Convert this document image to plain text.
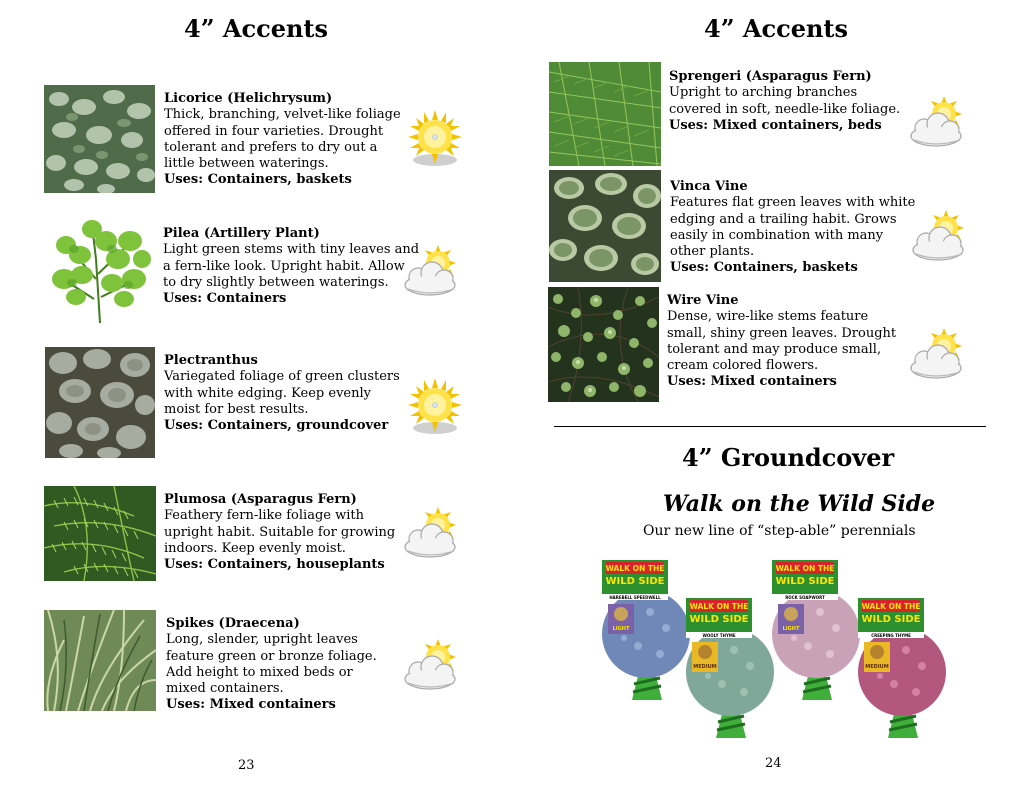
4” Accents
Licorice (Helichrysum)
Thick, branching, velvet-like foliage
offered in four varieties. Drought
tolerant and prefers to dry out a
little between waterings.
Uses: Containers, baskets
Pilea (Artillery Plant)
Light green stems with tiny leaves and
a fern-like look. Upright habit. Allow
to dry slightly between waterings.
Uses: Containers
Plectranthus
Variegated foliage of green clusters
with white edging. Keep evenly
moist for best results.
Uses: Containers, groundcover
Plumosa (Asparagus Fern)
Feathery fern-like foliage with
upright habit. Suitable for growing
indoors. Keep evenly moist.
Uses: Containers, houseplants
Spikes (Draecena)
Long, slender, upright leaves
feature green or bronze foliage.
Add height to mixed beds or
mixed containers.
Uses: Mixed containers
23
4” Accents
Sprengeri (Asparagus Fern)
Upright to arching branches
covered in soft, needle-like foliage.
Uses: Mixed containers, beds
Vinca Vine
Features flat green leaves with white
edging and a trailing habit. Grows
easily in combination with many
other plants.
Uses: Containers, baskets
Wire Vine
Dense, wire-like stems feature
small, shiny green leaves. Drought
tolerant and may produce small,
cream colored flowers.
Uses: Mixed containers
4” Groundcover
Walk on the Wild Side
Our new line of “step-able” perennials
WALK ON THE
WILD SIDE
HAREBELL SPEEDWELL
LIGHT
WALK ON THE
WILD SIDE
WOOLY THYME
MEDIUM
WALK ON THE
WILD SIDE
ROCK SOAPWORT
LIGHT
WALK ON THE
WILD SIDE
CREEPING THYME
MEDIUM
24
